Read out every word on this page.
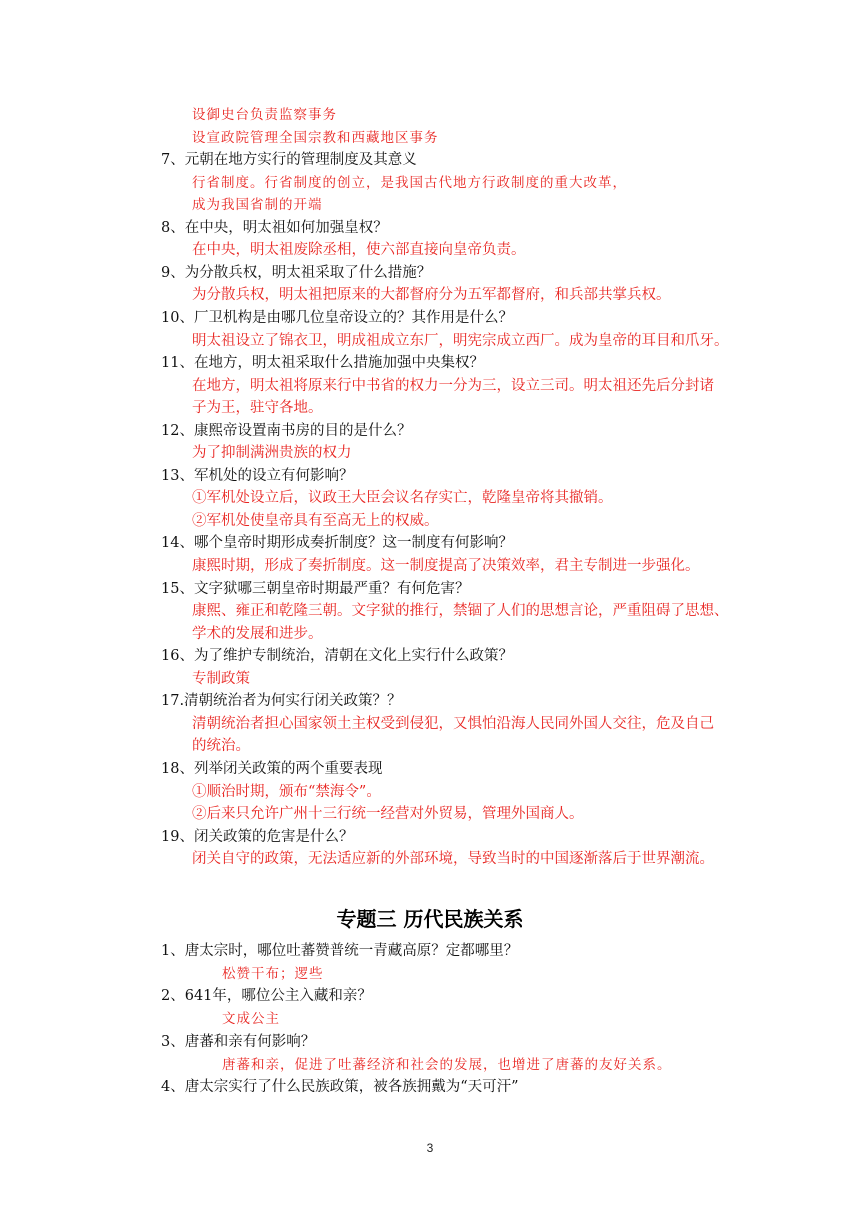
设御史台负责监察事务
设宣政院管理全国宗教和西藏地区事务
7、元朝在地方实行的管理制度及其意义
行省制度。行省制度的创立，是我国古代地方行政制度的重大改革，
成为我国省制的开端
8、在中央，明太祖如何加强皇权？
在中央，明太祖废除丞相，使六部直接向皇帝负责。
9、为分散兵权，明太祖采取了什么措施？
为分散兵权，明太祖把原来的大都督府分为五军都督府，和兵部共掌兵权。
10、厂卫机构是由哪几位皇帝设立的？其作用是什么？
明太祖设立了锦衣卫，明成祖成立东厂，明宪宗成立西厂。成为皇帝的耳目和爪牙。
11、在地方，明太祖采取什么措施加强中央集权？
在地方，明太祖将原来行中书省的权力一分为三，设立三司。明太祖还先后分封诸
子为王，驻守各地。
12、康熙帝设置南书房的目的是什么？
为了抑制满洲贵族的权力
13、军机处的设立有何影响？
①军机处设立后，议政王大臣会议名存实亡，乾隆皇帝将其撤销。
②军机处使皇帝具有至高无上的权威。
14、哪个皇帝时期形成奏折制度？这一制度有何影响？
康熙时期，形成了奏折制度。这一制度提高了决策效率，君主专制进一步强化。
15、文字狱哪三朝皇帝时期最严重？有何危害？
康熙、雍正和乾隆三朝。文字狱的推行，禁锢了人们的思想言论，严重阻碍了思想、
学术的发展和进步。
16、为了维护专制统治，清朝在文化上实行什么政策？
专制政策
17.清朝统治者为何实行闭关政策？？
清朝统治者担心国家领土主权受到侵犯，又惧怕沿海人民同外国人交往，危及自己
的统治。
18、列举闭关政策的两个重要表现
①顺治时期，颁布“禁海令”。
②后来只允许广州十三行统一经营对外贸易，管理外国商人。
19、闭关政策的危害是什么？
闭关自守的政策，无法适应新的外部环境，导致当时的中国逐渐落后于世界潮流。
专题三 历代民族关系
1、唐太宗时，哪位吐蕃赞普统一青藏高原？定都哪里？
松赞干布；逻些
2、641年，哪位公主入藏和亲？
文成公主
3、唐蕃和亲有何影响？
唐蕃和亲，促进了吐蕃经济和社会的发展，也增进了唐蕃的友好关系。
4、唐太宗实行了什么民族政策，被各族拥戴为“天可汗”
3
